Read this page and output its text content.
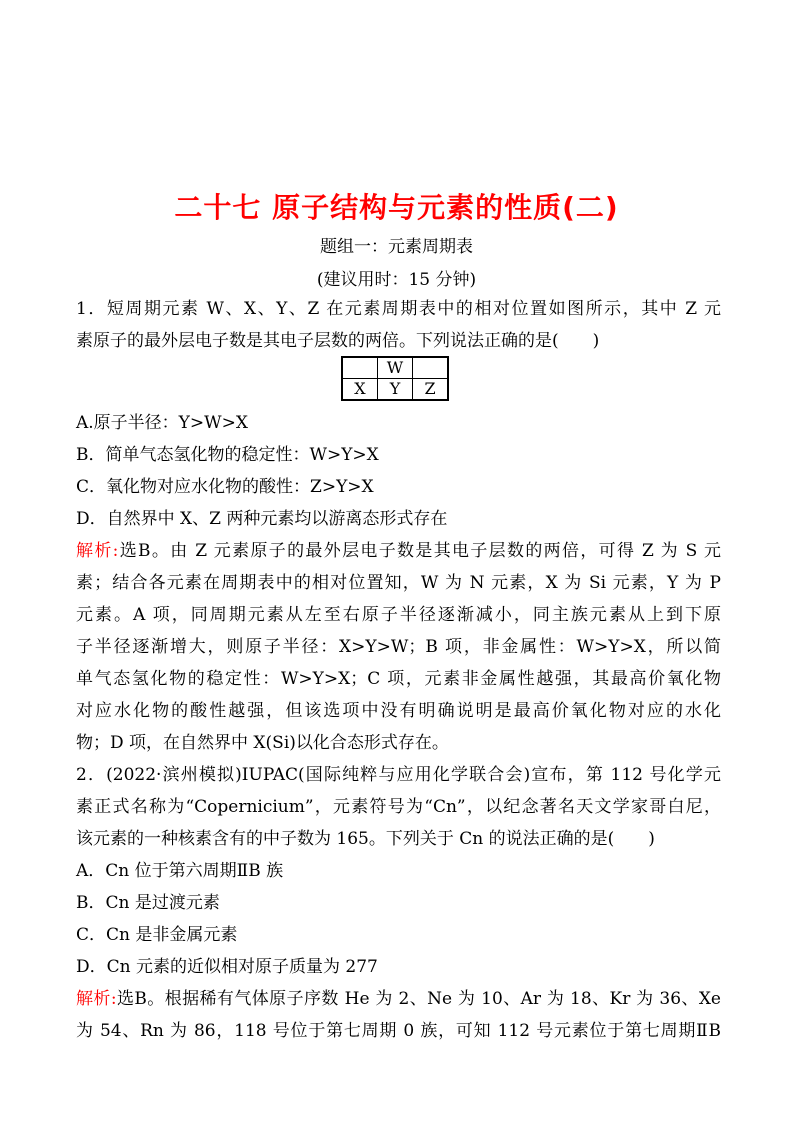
二十七 原子结构与元素的性质(二)
题组一：元素周期表
(建议用时：15 分钟)
1．短周期元素 W、X、Y、Z 在元素周期表中的相对位置如图所示，其中 Z 元
素原子的最外层电子数是其电子层数的两倍。下列说法正确的是(　　)
	W	
X	Y	Z
A.原子半径：Y>W>X
B．简单气态氢化物的稳定性：W>Y>X
C．氧化物对应水化物的酸性：Z>Y>X
D．自然界中 X、Z 两种元素均以游离态形式存在
解析:选B。由 Z 元素原子的最外层电子数是其电子层数的两倍，可得 Z 为 S 元
素；结合各元素在周期表中的相对位置知，W 为 N 元素，X 为 Si 元素，Y 为 P
元素。A 项，同周期元素从左至右原子半径逐渐减小，同主族元素从上到下原
子半径逐渐增大，则原子半径：X>Y>W；B 项，非金属性：W>Y>X，所以简
单气态氢化物的稳定性：W>Y>X；C 项，元素非金属性越强，其最高价氧化物
对应水化物的酸性越强，但该选项中没有明确说明是最高价氧化物对应的水化
物；D 项，在自然界中 X(Si)以化合态形式存在。
2．(2022·滨州模拟)IUPAC(国际纯粹与应用化学联合会)宣布，第 112 号化学元
素正式名称为“Copernicium”，元素符号为“Cn”，以纪念著名天文学家哥白尼，
该元素的一种核素含有的中子数为 165。下列关于 Cn 的说法正确的是(　　)
A．Cn 位于第六周期ⅡB 族
B．Cn 是过渡元素
C．Cn 是非金属元素
D．Cn 元素的近似相对原子质量为 277
解析:选B。根据稀有气体原子序数 He 为 2、Ne 为 10、Ar 为 18、Kr 为 36、Xe
为 54、Rn 为 86，118 号位于第七周期 0 族，可知 112 号元素位于第七周期ⅡB
